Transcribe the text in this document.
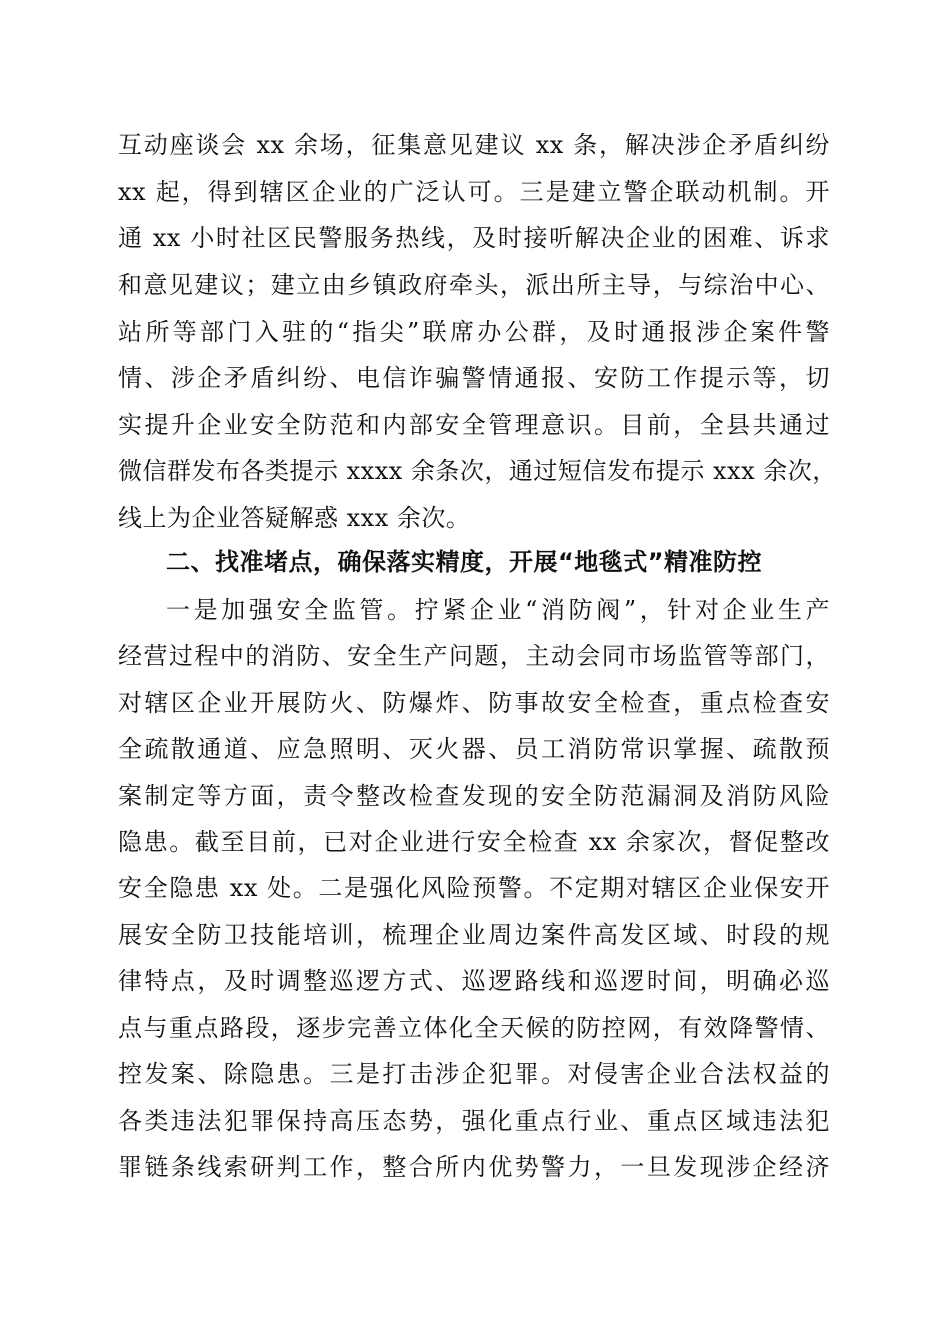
互动座谈会 xx 余场，征集意见建议 xx 条，解决涉企矛盾纠纷
xx 起，得到辖区企业的广泛认可。三是建立警企联动机制。开
通 xx 小时社区民警服务热线，及时接听解决企业的困难、诉求
和意见建议；建立由乡镇政府牵头，派出所主导，与综治中心、
站所等部门入驻的“指尖”联席办公群，及时通报涉企案件警
情、涉企矛盾纠纷、电信诈骗警情通报、安防工作提示等，切
实提升企业安全防范和内部安全管理意识。目前，全县共通过
微信群发布各类提示 xxxx 余条次，通过短信发布提示 xxx 余次，
线上为企业答疑解惑 xxx 余次。
二、找准堵点，确保落实精度，开展“地毯式”精准防控
一是加强安全监管。拧紧企业“消防阀”，针对企业生产
经营过程中的消防、安全生产问题，主动会同市场监管等部门，
对辖区企业开展防火、防爆炸、防事故安全检查，重点检查安
全疏散通道、应急照明、灭火器、员工消防常识掌握、疏散预
案制定等方面，责令整改检查发现的安全防范漏洞及消防风险
隐患。截至目前，已对企业进行安全检查 xx 余家次，督促整改
安全隐患 xx 处。二是强化风险预警。不定期对辖区企业保安开
展安全防卫技能培训，梳理企业周边案件高发区域、时段的规
律特点，及时调整巡逻方式、巡逻路线和巡逻时间，明确必巡
点与重点路段，逐步完善立体化全天候的防控网，有效降警情、
控发案、除隐患。三是打击涉企犯罪。对侵害企业合法权益的
各类违法犯罪保持高压态势，强化重点行业、重点区域违法犯
罪链条线索研判工作，整合所内优势警力，一旦发现涉企经济
